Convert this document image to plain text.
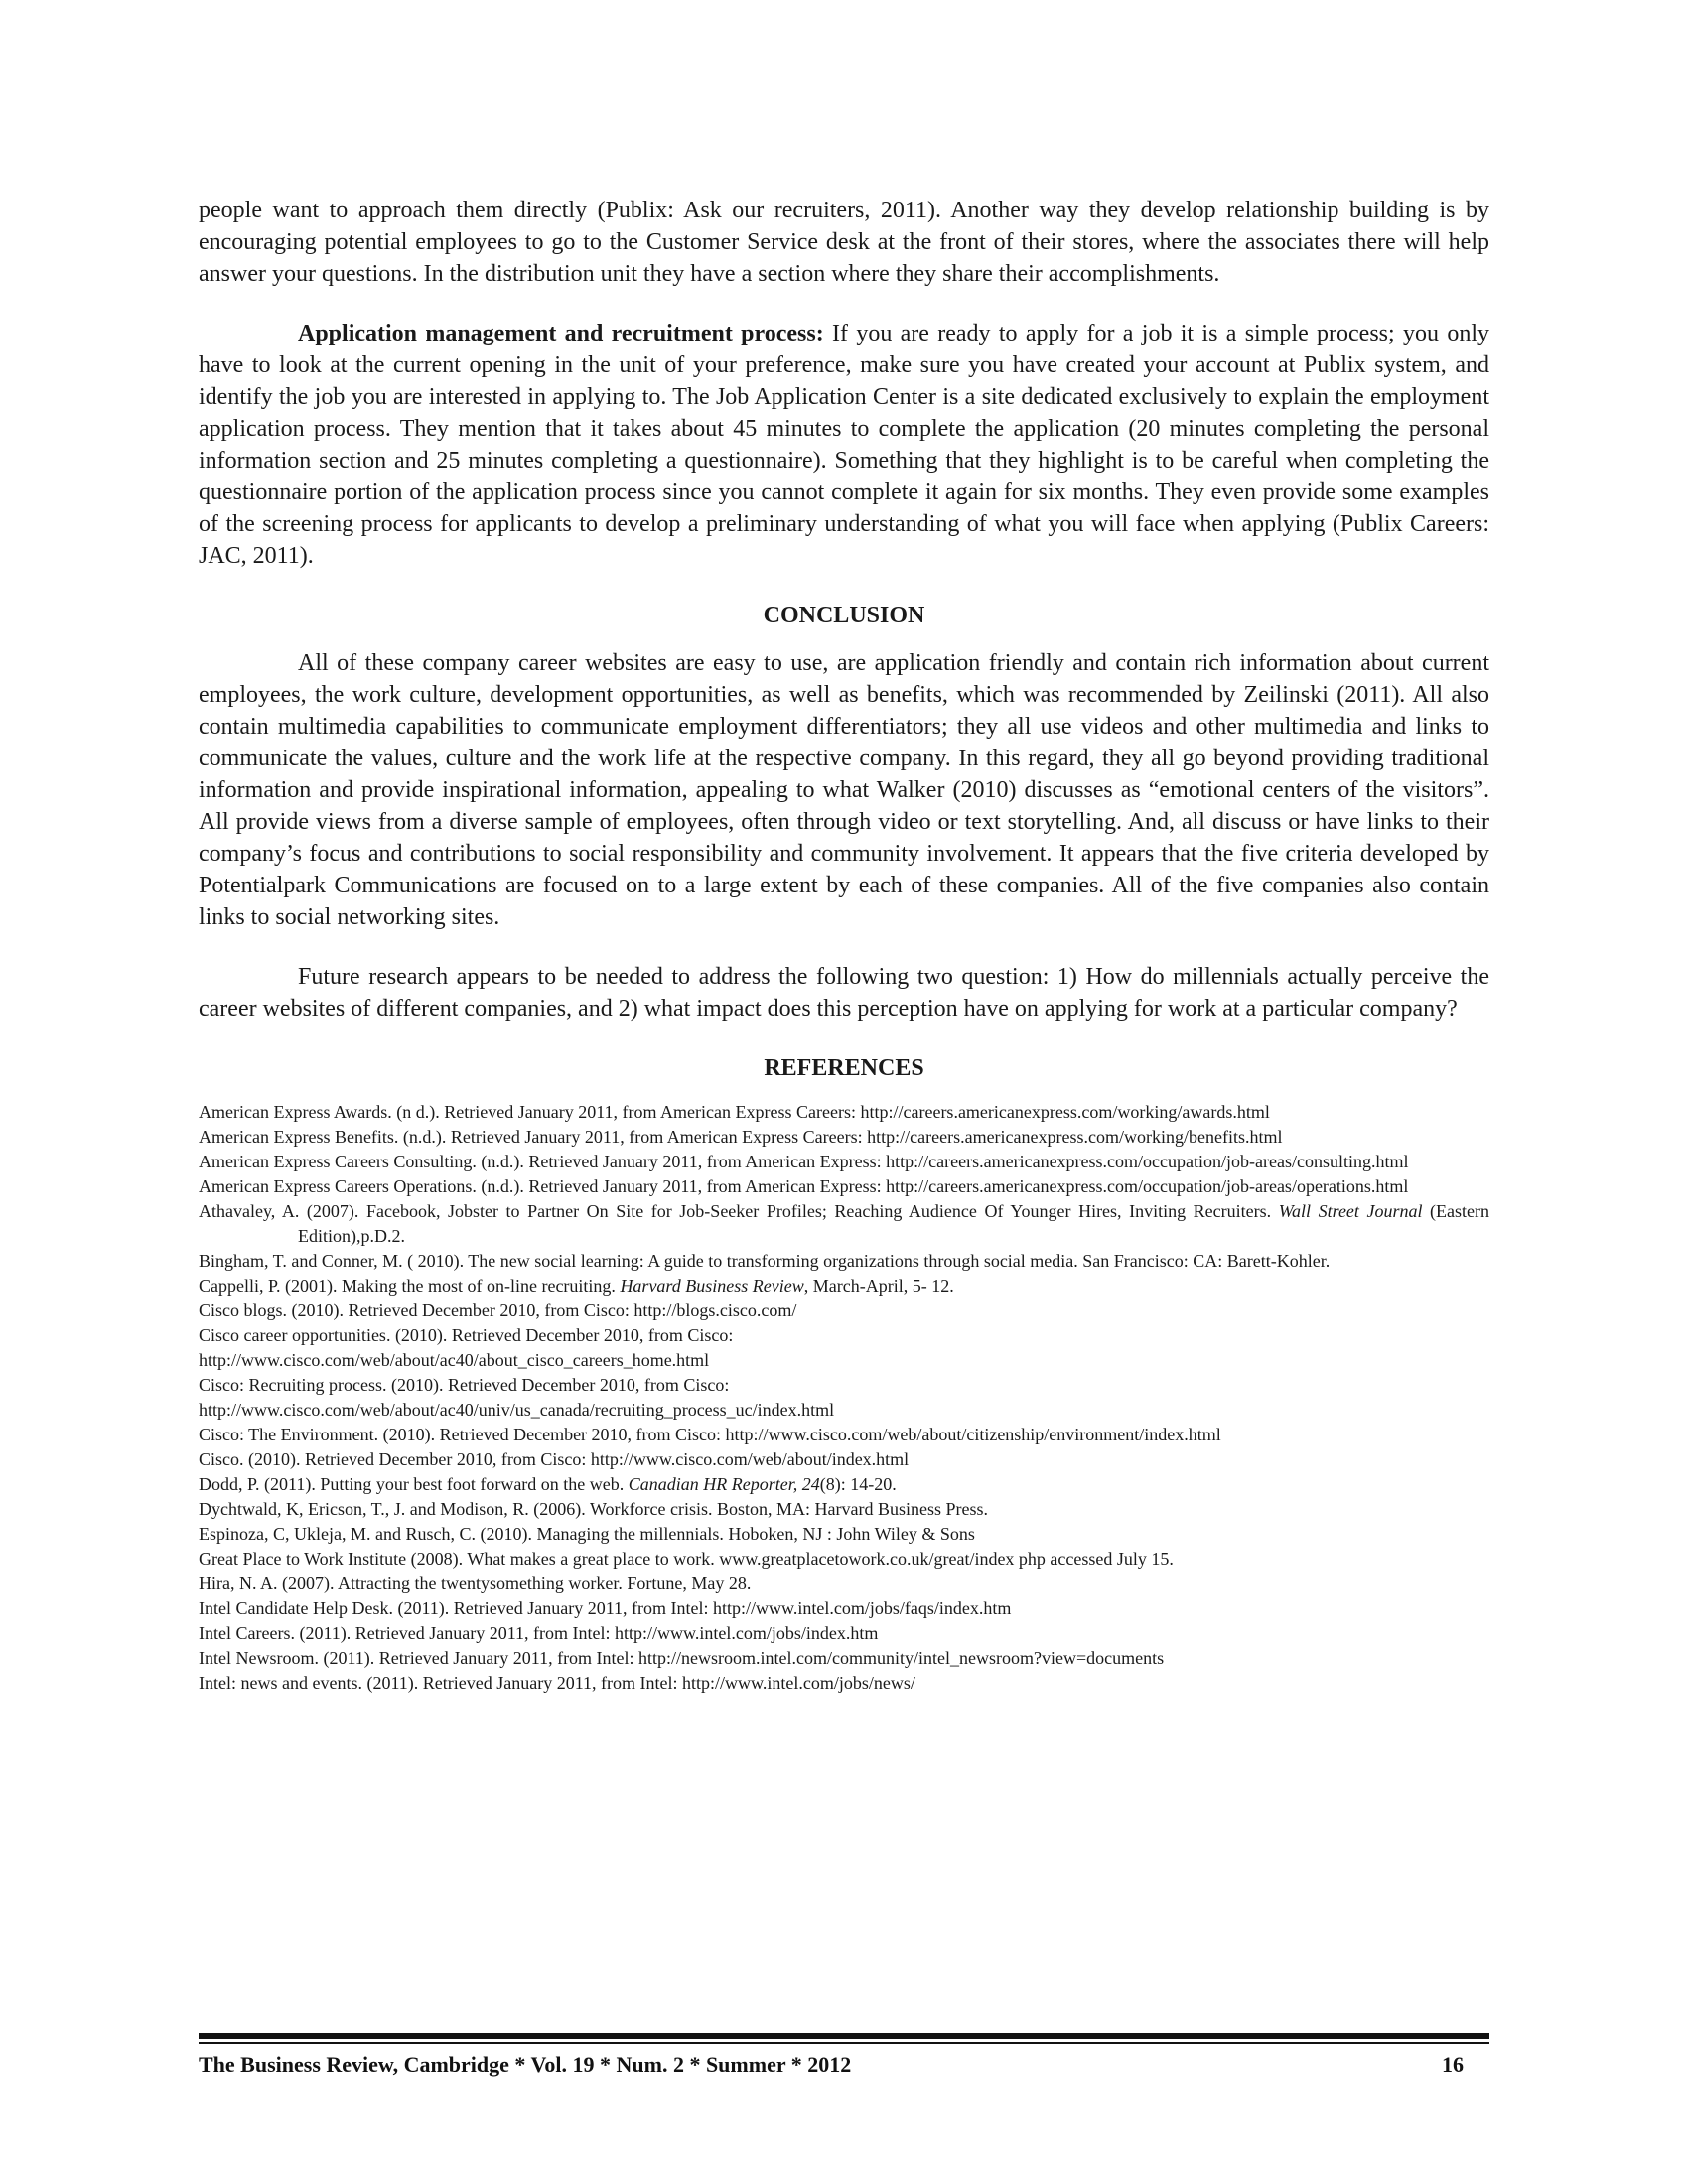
people want to approach them directly (Publix: Ask our recruiters, 2011). Another way they develop relationship building is by encouraging potential employees to go to the Customer Service desk at the front of their stores, where the associates there will help answer your questions. In the distribution unit they have a section where they share their accomplishments.

Application management and recruitment process: If you are ready to apply for a job it is a simple process; you only have to look at the current opening in the unit of your preference, make sure you have created your account at Publix system, and identify the job you are interested in applying to. The Job Application Center is a site dedicated exclusively to explain the employment application process. They mention that it takes about 45 minutes to complete the application (20 minutes completing the personal information section and 25 minutes completing a questionnaire). Something that they highlight is to be careful when completing the questionnaire portion of the application process since you cannot complete it again for six months. They even provide some examples of the screening process for applicants to develop a preliminary understanding of what you will face when applying (Publix Careers: JAC, 2011).

CONCLUSION

All of these company career websites are easy to use, are application friendly and contain rich information about current employees, the work culture, development opportunities, as well as benefits, which was recommended by Zeilinski (2011). All also contain multimedia capabilities to communicate employment differentiators; they all use videos and other multimedia and links to communicate the values, culture and the work life at the respective company. In this regard, they all go beyond providing traditional information and provide inspirational information, appealing to what Walker (2010) discusses as “emotional centers of the visitors”. All provide views from a diverse sample of employees, often through video or text storytelling. And, all discuss or have links to their company’s focus and contributions to social responsibility and community involvement. It appears that the five criteria developed by Potentialpark Communications are focused on to a large extent by each of these companies. All of the five companies also contain links to social networking sites.

Future research appears to be needed to address the following two question: 1) How do millennials actually perceive the career websites of different companies, and 2) what impact does this perception have on applying for work at a particular company?

REFERENCES

American Express Awards. (n d.). Retrieved January 2011, from American Express Careers: http://careers.americanexpress.com/working/awards.html

American Express Benefits. (n.d.). Retrieved January 2011, from American Express Careers: http://careers.americanexpress.com/working/benefits.html

American Express Careers Consulting. (n.d.). Retrieved January 2011, from American Express: http://careers.americanexpress.com/occupation/job-areas/consulting.html

American Express Careers Operations. (n.d.). Retrieved January 2011, from American Express: http://careers.americanexpress.com/occupation/job-areas/operations.html

Athavaley, A. (2007). Facebook, Jobster to Partner On Site for Job-Seeker Profiles; Reaching Audience Of Younger Hires, Inviting Recruiters. Wall Street Journal (Eastern Edition),p.D.2.

Bingham, T. and Conner, M. ( 2010). The new social learning: A guide to transforming organizations through social media. San Francisco: CA: Barett-Kohler.

Cappelli, P. (2001). Making the most of on-line recruiting. Harvard Business Review, March-April, 5- 12.

Cisco blogs. (2010). Retrieved December 2010, from Cisco: http://blogs.cisco.com/

Cisco career opportunities. (2010). Retrieved December 2010, from Cisco:

http://www.cisco.com/web/about/ac40/about_cisco_careers_home.html

Cisco: Recruiting process. (2010). Retrieved December 2010, from Cisco:

http://www.cisco.com/web/about/ac40/univ/us_canada/recruiting_process_uc/index.html

Cisco: The Environment. (2010). Retrieved December 2010, from Cisco: http://www.cisco.com/web/about/citizenship/environment/index.html

Cisco. (2010). Retrieved December 2010, from Cisco: http://www.cisco.com/web/about/index.html

Dodd, P. (2011). Putting your best foot forward on the web. Canadian HR Reporter, 24(8): 14-20.

Dychtwald, K, Ericson, T., J. and Modison, R. (2006). Workforce crisis. Boston, MA: Harvard Business Press.

Espinoza, C, Ukleja, M. and Rusch, C. (2010). Managing the millennials. Hoboken, NJ : John Wiley & Sons

Great Place to Work Institute (2008). What makes a great place to work. www.greatplacetowork.co.uk/great/index php accessed July 15.

Hira, N. A. (2007). Attracting the twentysomething worker. Fortune, May 28.

Intel Candidate Help Desk. (2011). Retrieved January 2011, from Intel: http://www.intel.com/jobs/faqs/index.htm

Intel Careers. (2011). Retrieved January 2011, from Intel: http://www.intel.com/jobs/index.htm

Intel Newsroom. (2011). Retrieved January 2011, from Intel: http://newsroom.intel.com/community/intel_newsroom?view=documents

Intel: news and events. (2011). Retrieved January 2011, from Intel: http://www.intel.com/jobs/news/

The Business Review, Cambridge * Vol. 19 * Num. 2 * Summer * 2012	16
